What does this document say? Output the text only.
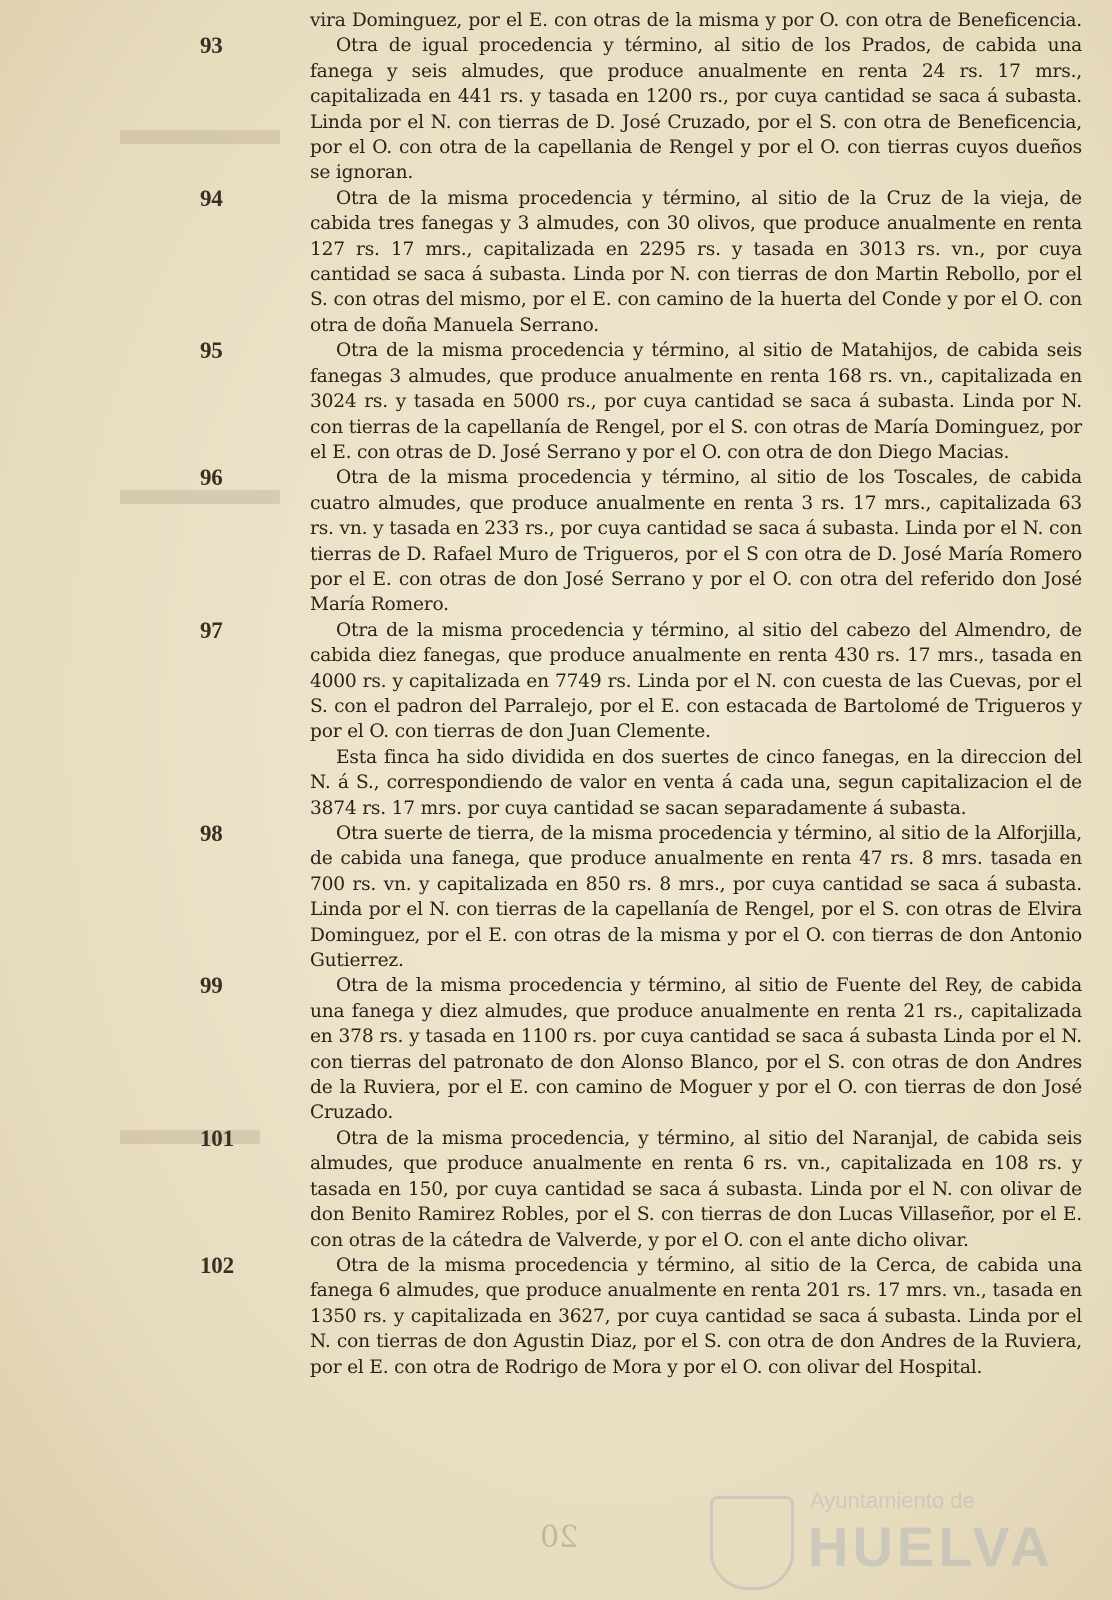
vira Dominguez, por el E. con otras de la misma y por O. con otra de Beneficencia.
93	Otra de igual procedencia y término, al sitio de los Prados, de cabida una fanega y seis almudes, que produce anualmente en renta 24 rs. 17 mrs., capitalizada en 441 rs. y tasada en 1200 rs., por cuya cantidad se saca á subasta. Linda por el N. con tierras de D. José Cruzado, por el S. con otra de Beneficencia, por el O. con otra de la capellania de Rengel y por el O. con tierras cuyos dueños se ignoran.

94	Otra de la misma procedencia y término, al sitio de la Cruz de la vieja, de cabida tres fanegas y 3 almudes, con 30 olivos, que produce anualmente en renta 127 rs. 17 mrs., capitalizada en 2295 rs. y tasada en 3013 rs. vn., por cuya cantidad se saca á subasta. Linda por N. con tierras de don Martin Rebollo, por el S. con otras del mismo, por el E. con camino de la huerta del Conde y por el O. con otra de doña Manuela Serrano.

95	Otra de la misma procedencia y término, al sitio de Matahijos, de cabida seis fanegas 3 almudes, que produce anualmente en renta 168 rs. vn., capitalizada en 3024 rs. y tasada en 5000 rs., por cuya cantidad se saca á subasta. Linda por N. con tierras de la capellanía de Rengel, por el S. con otras de María Dominguez, por el E. con otras de D. José Serrano y por el O. con otra de don Diego Macias.

96	Otra de la misma procedencia y término, al sitio de los Toscales, de cabida cuatro almudes, que produce anualmente en renta 3 rs. 17 mrs., capitalizada 63 rs. vn. y tasada en 233 rs., por cuya cantidad se saca á subasta. Linda por el N. con tierras de D. Rafael Muro de Trigueros, por el S con otra de D. José María Romero por el E. con otras de don José Serrano y por el O. con otra del referido don José María Romero.

97	Otra de la misma procedencia y término, al sitio del cabezo del Almendro, de cabida diez fanegas, que produce anualmente en renta 430 rs. 17 mrs., tasada en 4000 rs. y capitalizada en 7749 rs. Linda por el N. con cuesta de las Cuevas, por el S. con el padron del Parralejo, por el E. con estacada de Bartolomé de Trigueros y por el O. con tierras de don Juan Clemente.

Esta finca ha sido dividida en dos suertes de cinco fanegas, en la direccion del N. á S., correspondiendo de valor en venta á cada una, segun capitalizacion el de 3874 rs. 17 mrs. por cuya cantidad se sacan separadamente á subasta.

98	Otra suerte de tierra, de la misma procedencia y término, al sitio de la Alforjilla, de cabida una fanega, que produce anualmente en renta 47 rs. 8 mrs. tasada en 700 rs. vn. y capitalizada en 850 rs. 8 mrs., por cuya cantidad se saca á subasta. Linda por el N. con tierras de la capellanía de Rengel, por el S. con otras de Elvira Dominguez, por el E. con otras de la misma y por el O. con tierras de don Antonio Gutierrez.

99	Otra de la misma procedencia y término, al sitio de Fuente del Rey, de cabida una fanega y diez almudes, que produce anualmente en renta 21 rs., capitalizada en 378 rs. y tasada en 1100 rs. por cuya cantidad se saca á subasta Linda por el N. con tierras del patronato de don Alonso Blanco, por el S. con otras de don Andres de la Ruviera, por el E. con camino de Moguer y por el O. con tierras de don José Cruzado.

101	Otra de la misma procedencia, y término, al sitio del Naranjal, de cabida seis almudes, que produce anualmente en renta 6 rs. vn., capitalizada en 108 rs. y tasada en 150, por cuya cantidad se saca á subasta. Linda por el N. con olivar de don Benito Ramirez Robles, por el S. con tierras de don Lucas Villaseñor, por el E. con otras de la cátedra de Valverde, y por el O. con el ante dicho olivar.

102	Otra de la misma procedencia y término, al sitio de la Cerca, de cabida una fanega 6 almudes, que produce anualmente en renta 201 rs. 17 mrs. vn., tasada en 1350 rs. y capitalizada en 3627, por cuya cantidad se saca á subasta. Linda por el N. con tierras de don Agustin Diaz, por el S. con otra de don Andres de la Ruviera, por el E. con otra de Rodrigo de Mora y por el O. con olivar del Hospital.

20
Ayuntamiento de
HUELVA
